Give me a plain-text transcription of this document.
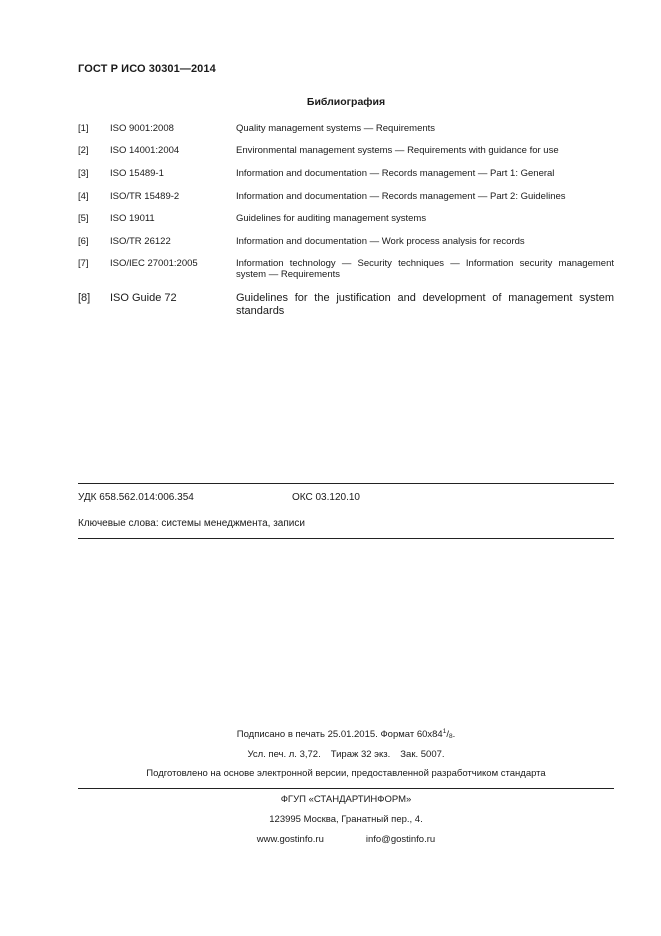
ГОСТ Р ИСО 30301—2014
Библиография
[1] ISO 9001:2008	Quality management systems — Requirements
[2] ISO 14001:2004	Environmental management systems — Requirements with guidance for use
[3] ISO 15489-1	Information and documentation — Records management — Part 1: General
[4] ISO/TR 15489-2	Information and documentation — Records management — Part 2: Guidelines
[5] ISO 19011	Guidelines for auditing management systems
[6] ISO/TR 26122	Information and documentation — Work process analysis for records
[7] ISO/IEC 27001:2005	Information technology — Security techniques — Information security management system — Requirements
[8] ISO Guide 72	Guidelines for the justification and development of management system standards
УДК 658.562.014:006.354	ОКС 03.120.10
Ключевые слова: системы менеджмента, записи
Подписано в печать 25.01.2015. Формат $60х84^1/8$.
Усл. печ. л. 3,72. Тираж 32 экз. Зак. 5007.
Подготовлено на основе электронной версии, предоставленной разработчиком стандарта
ФГУП «СТАНДАРТИНФОРМ»
123995 Москва, Гранатный пер., 4.
www.gostinfo.ru	info@gostinfo.ru
